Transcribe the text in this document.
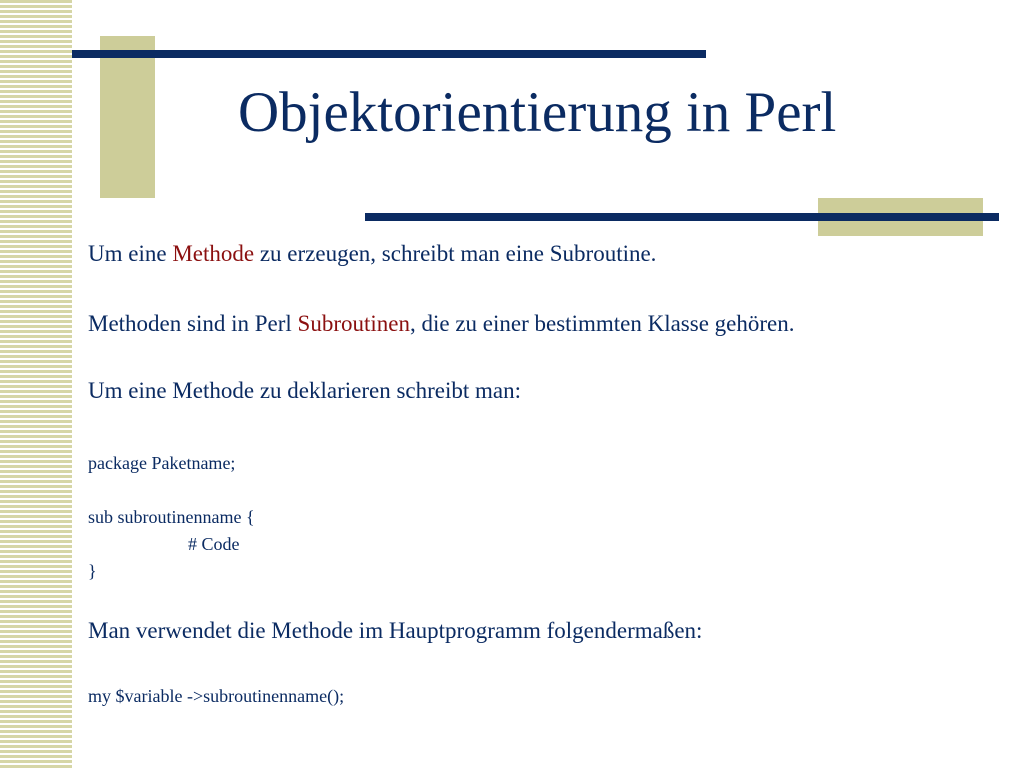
Objektorientierung in Perl
Um eine Methode zu erzeugen, schreibt man eine Subroutine.
Methoden sind in Perl Subroutinen, die zu einer bestimmten Klasse gehören.
Um eine Methode zu deklarieren schreibt man:
package Paketname;
sub subroutinenname {
# Code
}
Man verwendet die Methode im Hauptprogramm folgendermaßen:
my $variable ->subroutinenname();
